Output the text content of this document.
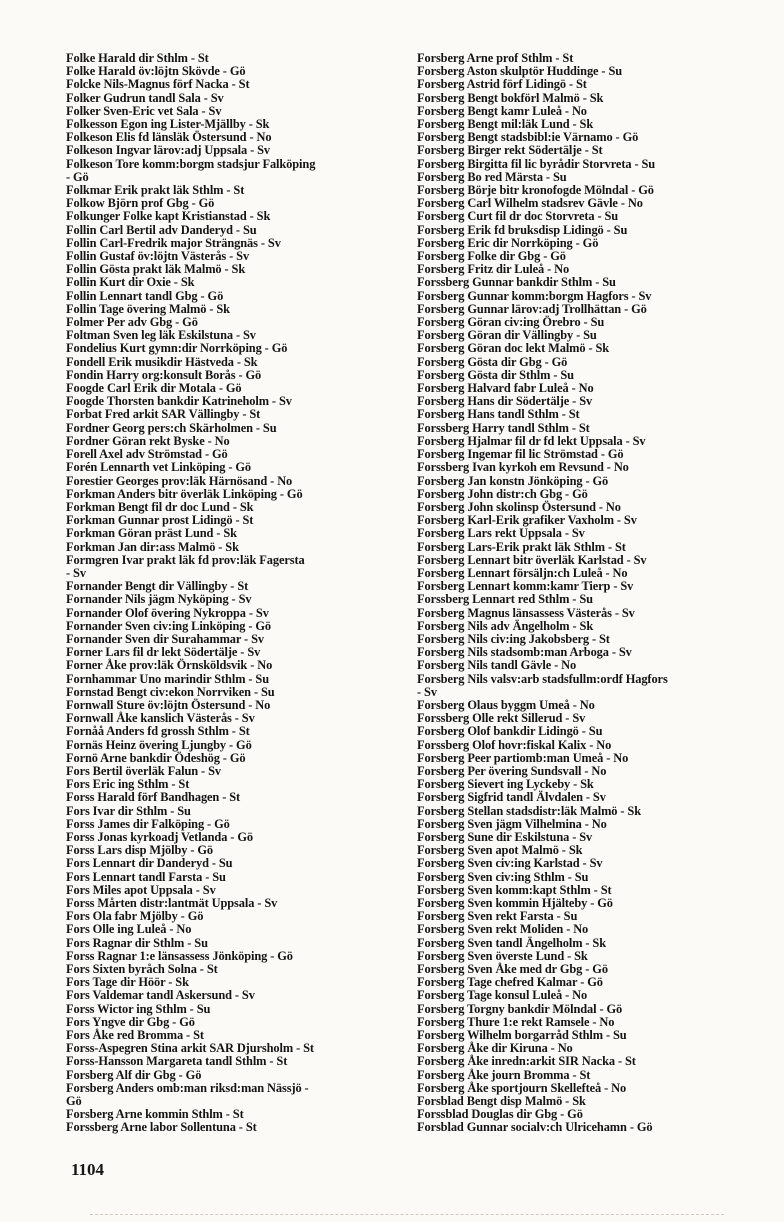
Folke Harald dir Sthlm - St
Folke Harald öv:löjtn Skövde - Gö
Folcke Nils-Magnus förf Nacka - St
Folker Gudrun tandl Sala - Sv
Folker Sven-Eric vet Sala - Sv
Folkesson Egon ing Lister-Mjällby - Sk
Folkeson Elis fd länsläk Östersund - No
Folkeson Ingvar lärov:adj Uppsala - Sv
Folkeson Tore komm:borgm stadsjur Falköping
- Gö
Folkmar Erik prakt läk Sthlm - St
Folkow Björn prof Gbg - Gö
Folkunger Folke kapt Kristianstad - Sk
Follin Carl Bertil adv Danderyd - Su
Follin Carl-Fredrik major Strängnäs - Sv
Follin Gustaf öv:löjtn Västerås - Sv
Follin Gösta prakt läk Malmö - Sk
Follin Kurt dir Oxie - Sk
Follin Lennart tandl Gbg - Gö
Follin Tage övering Malmö - Sk
Folmer Per adv Gbg - Gö
Foltman Sven leg läk Eskilstuna - Sv
Fondelius Kurt gymn:dir Norrköping - Gö
Fondell Erik musikdir Hästveda - Sk
Fondin Harry org:konsult Borås - Gö
Foogde Carl Erik dir Motala - Gö
Foogde Thorsten bankdir Katrineholm - Sv
Forbat Fred arkit SAR Vällingby - St
Fordner Georg pers:ch Skärholmen - Su
Fordner Göran rekt Byske - No
Forell Axel adv Strömstad - Gö
Forén Lennarth vet Linköping - Gö
Forestier Georges prov:läk Härnösand - No
Forkman Anders bitr överläk Linköping - Gö
Forkman Bengt fil dr doc Lund - Sk
Forkman Gunnar prost Lidingö - St
Forkman Göran präst Lund - Sk
Forkman Jan dir:ass Malmö - Sk
Formgren Ivar prakt läk fd prov:läk Fagersta
- Sv
Fornander Bengt dir Vällingby - St
Fornander Nils jägm Nyköping - Sv
Fornander Olof övering Nykroppa - Sv
Fornander Sven civ:ing Linköping - Gö
Fornander Sven dir Surahammar - Sv
Forner Lars fil dr lekt Södertälje - Sv
Forner Åke prov:läk Örnsköldsvik - No
Fornhammar Uno marindir Sthlm - Su
Fornstad Bengt civ:ekon Norrviken - Su
Fornwall Sture öv:löjtn Östersund - No
Fornwall Åke kanslich Västerås - Sv
Fornåå Anders fd grossh Sthlm - St
Fornäs Heinz övering Ljungby - Gö
Fornö Arne bankdir Ödeshög - Gö
Fors Bertil överläk Falun - Sv
Fors Eric ing Sthlm - St
Forss Harald förf Bandhagen - St
Fors Ivar dir Sthlm - Su
Forss James dir Falköping - Gö
Forss Jonas kyrkoadj Vetlanda - Gö
Forss Lars disp Mjölby - Gö
Fors Lennart dir Danderyd - Su
Fors Lennart tandl Farsta - Su
Fors Miles apot Uppsala - Sv
Forss Mårten distr:lantmät Uppsala - Sv
Fors Ola fabr Mjölby - Gö
Fors Olle ing Luleå - No
Fors Ragnar dir Sthlm - Su
Forss Ragnar 1:e länsassess Jönköping - Gö
Fors Sixten byråch Solna - St
Fors Tage dir Höör - Sk
Fors Valdemar tandl Askersund - Sv
Forss Wictor ing Sthlm - Su
Fors Yngve dir Gbg - Gö
Fors Åke red Bromma - St
Forss-Aspegren Stina arkit SAR Djursholm - St
Forss-Hansson Margareta tandl Sthlm - St
Forsberg Alf dir Gbg - Gö
Forsberg Anders omb:man riksd:man Nässjö -
Gö
Forsberg Arne kommin Sthlm - St
Forssberg Arne labor Sollentuna - St
Forsberg Arne prof Sthlm - St
Forsberg Aston skulptör Huddinge - Su
Forsberg Astrid förf Lidingö - St
Forsberg Bengt bokförl Malmö - Sk
Forsberg Bengt kamr Luleå - No
Forsberg Bengt mil:läk Lund - Sk
Forsberg Bengt stadsbibl:ie Värnamo - Gö
Forsberg Birger rekt Södertälje - St
Forsberg Birgitta fil lic byrådir Storvreta - Su
Forsberg Bo red Märsta - Su
Forsberg Börje bitr kronofogde Mölndal - Gö
Forsberg Carl Wilhelm stadsrev Gävle - No
Forsberg Curt fil dr doc Storvreta - Su
Forsberg Erik fd bruksdisp Lidingö - Su
Forsberg Eric dir Norrköping - Gö
Forsberg Folke dir Gbg - Gö
Forsberg Fritz dir Luleå - No
Forssberg Gunnar bankdir Sthlm - Su
Forsberg Gunnar komm:borgm Hagfors - Sv
Forsberg Gunnar lärov:adj Trollhättan - Gö
Forsberg Göran civ:ing Örebro - Su
Forsberg Göran dir Vällingby - Su
Forsberg Göran doc lekt Malmö - Sk
Forsberg Gösta dir Gbg - Gö
Forsberg Gösta dir Sthlm - Su
Forsberg Halvard fabr Luleå - No
Forsberg Hans dir Södertälje - Sv
Forsberg Hans tandl Sthlm - St
Forssberg Harry tandl Sthlm - St
Forsberg Hjalmar fil dr fd lekt Uppsala - Sv
Forsberg Ingemar fil lic Strömstad - Gö
Forssberg Ivan kyrkoh em Revsund - No
Forsberg Jan konstn Jönköping - Gö
Forsberg John distr:ch Gbg - Gö
Forsberg John skolinsp Östersund - No
Forsberg Karl-Erik grafiker Vaxholm - Sv
Forsberg Lars rekt Uppsala - Sv
Forsberg Lars-Erik prakt läk Sthlm - St
Forsberg Lennart bitr överläk Karlstad - Sv
Forsberg Lennart försäljn:ch Luleå - No
Forsberg Lennart komm:kamr Tierp - Sv
Forssberg Lennart red Sthlm - Su
Forsberg Magnus länsassess Västerås - Sv
Forsberg Nils adv Ängelholm - Sk
Forsberg Nils civ:ing Jakobsberg - St
Forsberg Nils stadsomb:man Arboga - Sv
Forsberg Nils tandl Gävle - No
Forsberg Nils valsv:arb stadsfullm:ordf Hagfors
- Sv
Forsberg Olaus byggm Umeå - No
Forssberg Olle rekt Sillerud - Sv
Forsberg Olof bankdir Lidingö - Su
Forssberg Olof hovr:fiskal Kalix - No
Forsberg Peer partiomb:man Umeå - No
Forsberg Per övering Sundsvall - No
Forsberg Sievert ing Lyckeby - Sk
Forsberg Sigfrid tandl Älvdalen - Sv
Forsberg Stellan stadsdistr:läk Malmö - Sk
Forsberg Sven jägm Vilhelmina - No
Forsberg Sune dir Eskilstuna - Sv
Forsberg Sven apot Malmö - Sk
Forsberg Sven civ:ing Karlstad - Sv
Forsberg Sven civ:ing Sthlm - Su
Forsberg Sven komm:kapt Sthlm - St
Forsberg Sven kommin Hjälteby - Gö
Forsberg Sven rekt Farsta - Su
Forsberg Sven rekt Moliden - No
Forsberg Sven tandl Ängelholm - Sk
Forsberg Sven överste Lund - Sk
Forsberg Sven Åke med dr Gbg - Gö
Forsberg Tage chefred Kalmar - Gö
Forsberg Tage konsul Luleå - No
Forsberg Torgny bankdir Mölndal - Gö
Forsberg Thure 1:e rekt Ramsele - No
Forsberg Wilhelm borgarråd Sthlm - Su
Forsberg Åke dir Kiruna - No
Forsberg Åke inredn:arkit SIR Nacka - St
Forsberg Åke journ Bromma - St
Forsberg Åke sportjourn Skellefteå - No
Forsblad Bengt disp Malmö - Sk
Forssblad Douglas dir Gbg - Gö
Forsblad Gunnar socialv:ch Ulricehamn - Gö
1104
